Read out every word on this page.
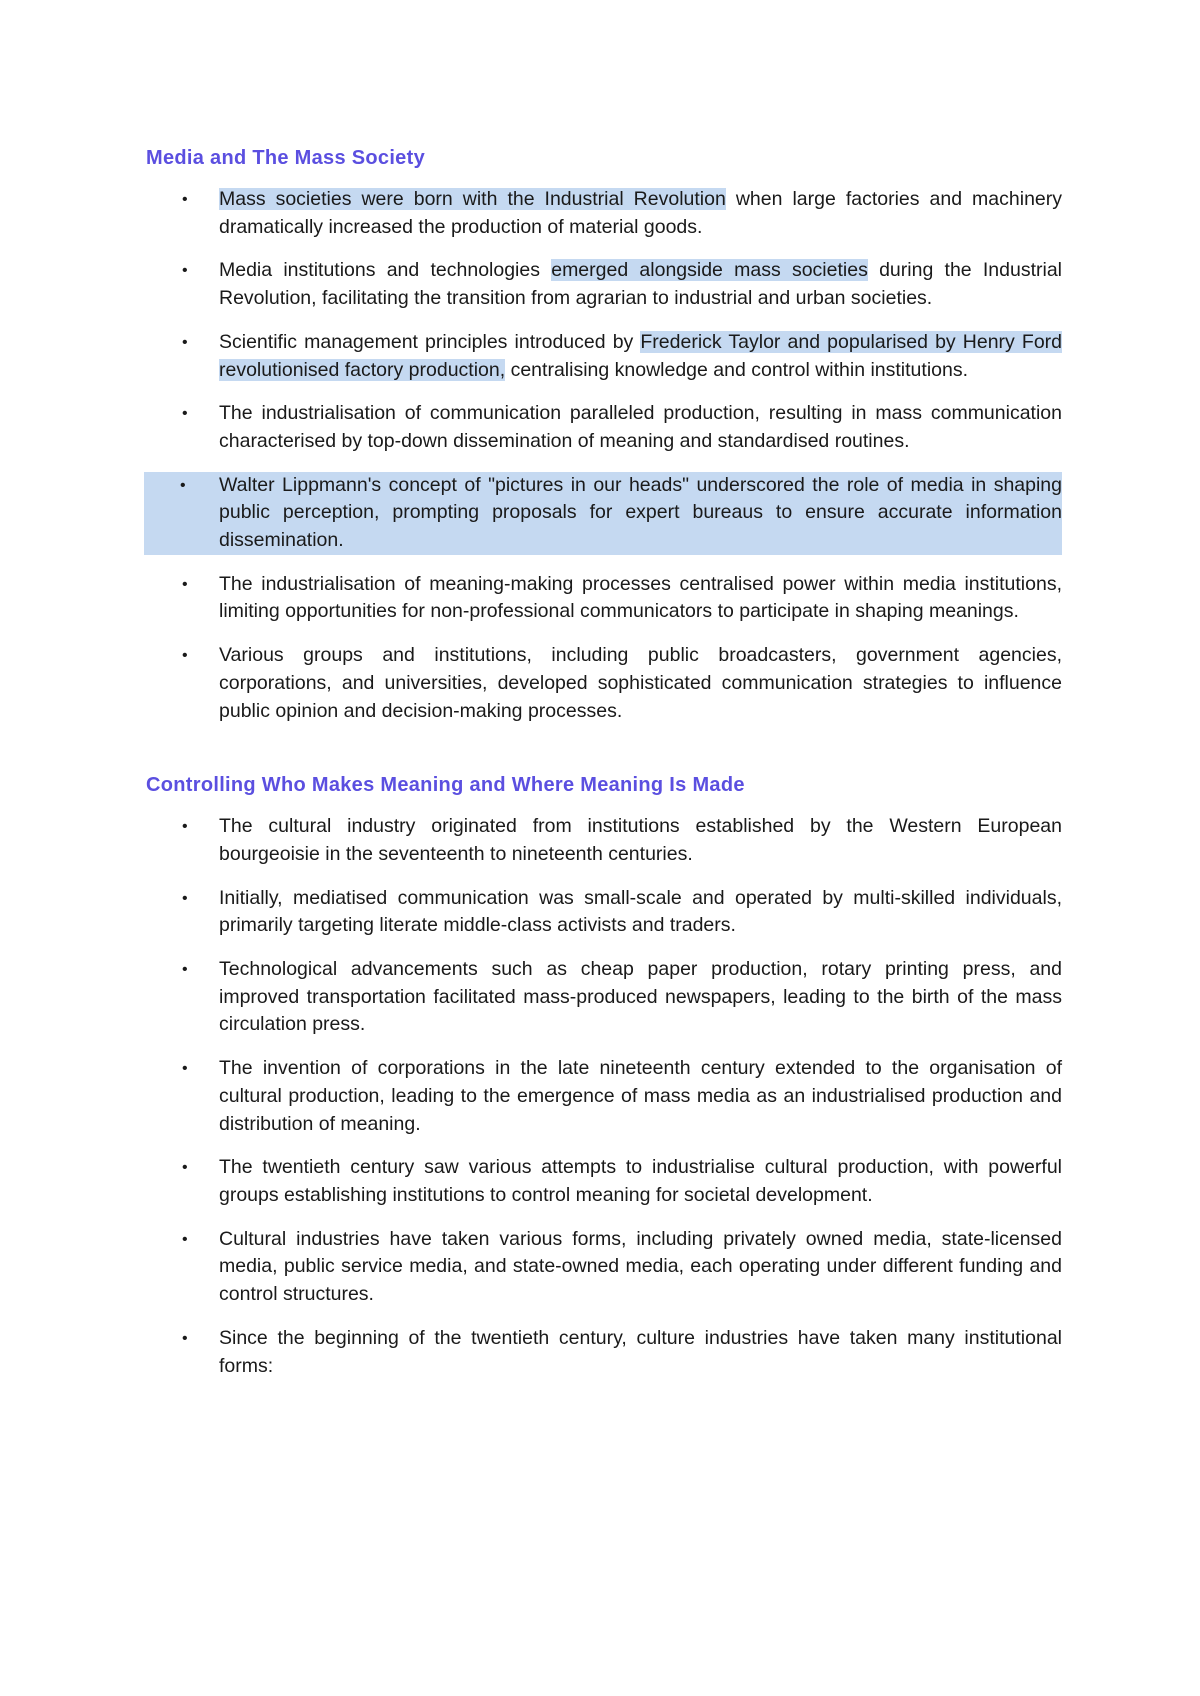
Media and The Mass Society
• Mass societies were born with the Industrial Revolution when large factories and machinery dramatically increased the production of material goods.
• Media institutions and technologies emerged alongside mass societies during the Industrial Revolution, facilitating the transition from agrarian to industrial and urban societies.
• Scientific management principles introduced by Frederick Taylor and popularised by Henry Ford revolutionised factory production, centralising knowledge and control within institutions.
• The industrialisation of communication paralleled production, resulting in mass communication characterised by top-down dissemination of meaning and standardised routines.
• Walter Lippmann's concept of "pictures in our heads" underscored the role of media in shaping public perception, prompting proposals for expert bureaus to ensure accurate information dissemination.
• The industrialisation of meaning-making processes centralised power within media institutions, limiting opportunities for non-professional communicators to participate in shaping meanings.
• Various groups and institutions, including public broadcasters, government agencies, corporations, and universities, developed sophisticated communication strategies to influence public opinion and decision-making processes.
Controlling Who Makes Meaning and Where Meaning Is Made
• The cultural industry originated from institutions established by the Western European bourgeoisie in the seventeenth to nineteenth centuries.
• Initially, mediatised communication was small-scale and operated by multi-skilled individuals, primarily targeting literate middle-class activists and traders.
• Technological advancements such as cheap paper production, rotary printing press, and improved transportation facilitated mass-produced newspapers, leading to the birth of the mass circulation press.
• The invention of corporations in the late nineteenth century extended to the organisation of cultural production, leading to the emergence of mass media as an industrialised production and distribution of meaning.
• The twentieth century saw various attempts to industrialise cultural production, with powerful groups establishing institutions to control meaning for societal development.
• Cultural industries have taken various forms, including privately owned media, state-licensed media, public service media, and state-owned media, each operating under different funding and control structures.
• Since the beginning of the twentieth century, culture industries have taken many institutional forms:
